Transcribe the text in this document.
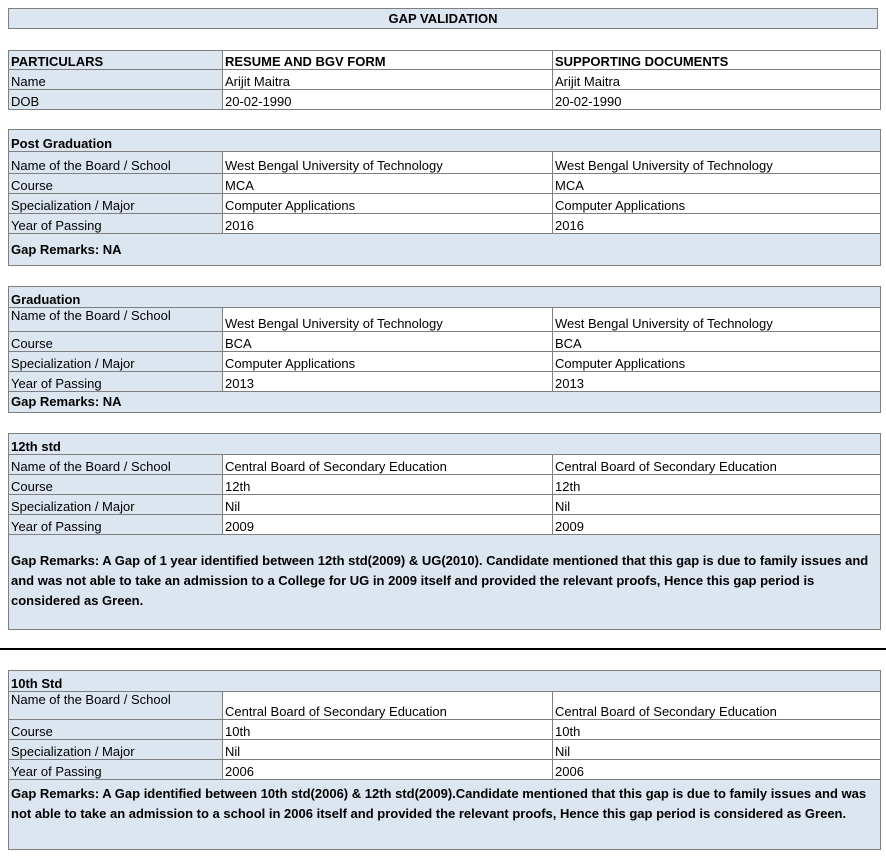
GAP VALIDATION
PARTICULARS	RESUME AND BGV FORM	SUPPORTING DOCUMENTS
Name	Arijit Maitra	Arijit Maitra
DOB	20-02-1990	20-02-1990
Post Graduation		
Name of the Board / School	West Bengal University of Technology	West Bengal University of Technology
Course	MCA	MCA
Specialization / Major	Computer Applications	Computer Applications
Year of Passing	2016	2016
Gap Remarks: NA		
Graduation		
Name of the Board / School	West Bengal University of Technology	West Bengal University of Technology
Course	BCA	BCA
Specialization / Major	Computer Applications	Computer Applications
Year of Passing	2013	2013
Gap Remarks: NA		
12th std		
Name of the Board / School	Central Board of Secondary Education	Central Board of Secondary Education
Course	12th	12th
Specialization / Major	Nil	Nil
Year of Passing	2009	2009
Gap Remarks: A Gap of 1 year identified between 12th std(2009) & UG(2010). Candidate mentioned that this gap is due to family issues and and was not able to take an admission to a College for UG in 2009 itself and provided the relevant proofs, Hence this gap period is considered as Green.		
10th Std		
Name of the Board / School	Central Board of Secondary Education	Central Board of Secondary Education
Course	10th	10th
Specialization / Major	Nil	Nil
Year of Passing	2006	2006
Gap Remarks: A Gap identified between 10th std(2006) & 12th std(2009).Candidate mentioned that this gap is due to family issues and was not able to take an admission to a school in 2006 itself and provided the relevant proofs, Hence this gap period is considered as Green.		
